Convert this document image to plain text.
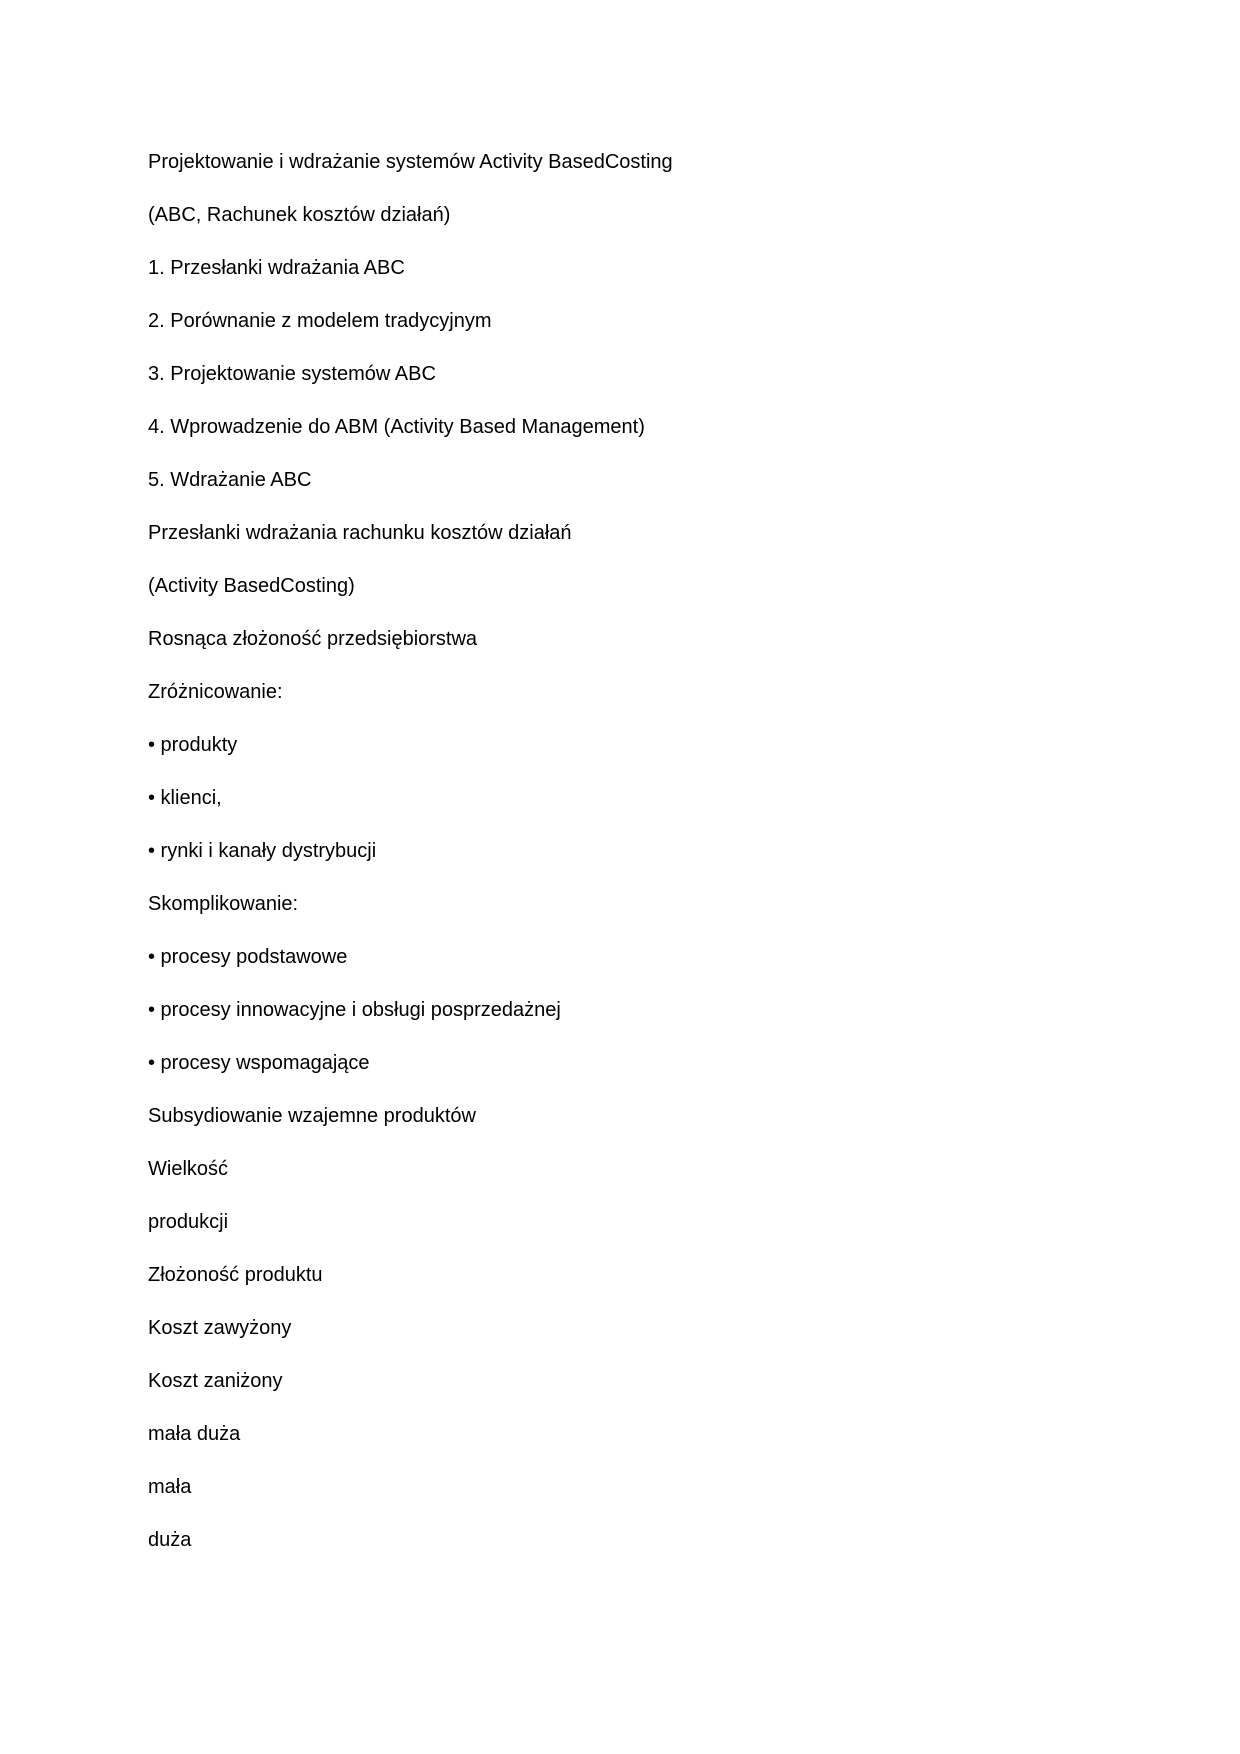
Projektowanie i wdrażanie systemów Activity BasedCosting
(ABC, Rachunek kosztów działań)
1. Przesłanki wdrażania ABC
2. Porównanie z modelem tradycyjnym
3. Projektowanie systemów ABC
4. Wprowadzenie do ABM (Activity Based Management)
5. Wdrażanie ABC
Przesłanki wdrażania rachunku kosztów działań
(Activity BasedCosting)
Rosnąca złożoność przedsiębiorstwa
Zróżnicowanie:
• produkty
• klienci,
• rynki i kanały dystrybucji
Skomplikowanie:
• procesy podstawowe
• procesy innowacyjne i obsługi posprzedażnej
• procesy wspomagające
Subsydiowanie wzajemne produktów
Wielkość
produkcji
Złożoność produktu
Koszt zawyżony
Koszt zaniżony
mała duża
mała
duża
